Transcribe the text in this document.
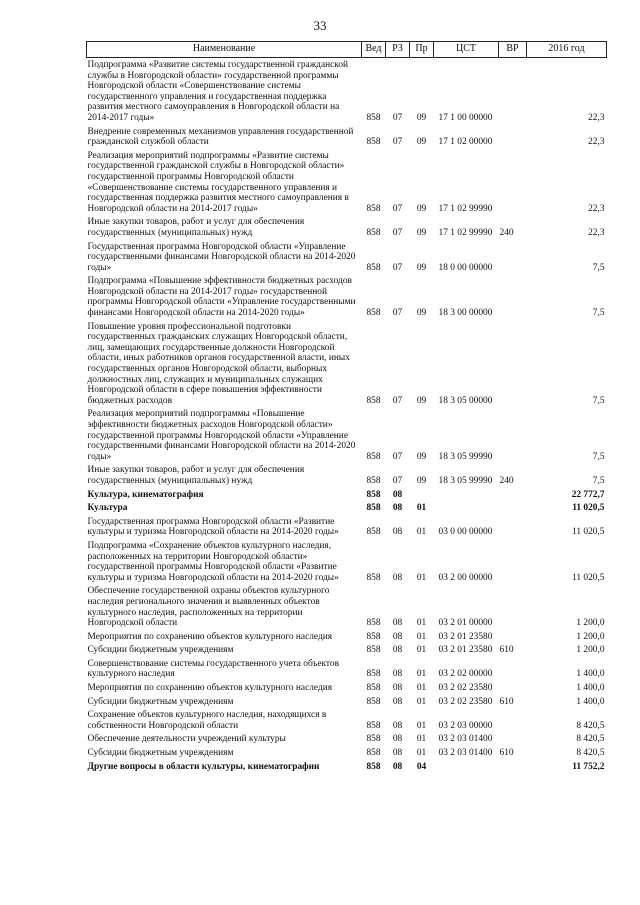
33
Наименование	Вед	РЗ	Пр	ЦСТ	ВР	2016 год
Подпрограмма «Развитие системы государственной гражданской службы в Новгородской области» государственной программы Новгородской области «Совершенствование системы государственного управления и государственная поддержка развития местного самоуправления в Новгородской области на 2014-2017 годы»	858	07	09	17 1 00 00000		22,3
Внедрение современных механизмов управления государственной гражданской службой области	858	07	09	17 1 02 00000		22,3
Реализация мероприятий подпрограммы «Развитие системы государственной гражданской службы в Новгородской области» государственной программы Новгородской области «Совершенствование системы государственного управления и государственная поддержка развития местного самоуправления в Новгородской области на 2014-2017 годы»	858	07	09	17 1 02 99990		22,3
Иные закупки товаров, работ и услуг для обеспечения государственных (муниципальных) нужд	858	07	09	17 1 02 99990	240	22,3
Государственная программа Новгородской области «Управление государственными финансами Новгородской области на 2014-2020 годы»	858	07	09	18 0 00 00000		7,5
Подпрограмма «Повышение эффективности бюджетных расходов Новгородской области на 2014-2017 годы» государственной программы Новгородской области «Управление государственными финансами Новгородской области на 2014-2020 годы»	858	07	09	18 3 00 00000		7,5
Повышение уровня профессиональной подготовки государственных гражданских служащих Новгородской области, лиц, замещающих государственные должности Новгородской области, иных работников органов государственной власти, иных государственных органов Новгородской области, выборных должностных лиц, служащих и муниципальных служащих Новгородской области в сфере повышения эффективности бюджетных расходов	858	07	09	18 3 05 00000		7,5
Реализация мероприятий подпрограммы «Повышение эффективности бюджетных расходов Новгородской области» государственной программы Новгородской области «Управление государственными финансами Новгородской области на 2014-2020 годы»	858	07	09	18 3 05 99990		7,5
Иные закупки товаров, работ и услуг для обеспечения государственных (муниципальных) нужд	858	07	09	18 3 05 99990	240	7,5
Культура, кинематография	858	08				22 772,7
Культура	858	08	01			11 020,5
Государственная программа Новгородской области «Развитие культуры и туризма Новгородской области на 2014-2020 годы»	858	08	01	03 0 00 00000		11 020,5
Подпрограмма «Сохранение объектов культурного наследия, расположенных на территории Новгородской области» государственной программы Новгородской области «Развитие культуры и туризма Новгородской области на 2014-2020 годы»	858	08	01	03 2 00 00000		11 020,5
Обеспечение государственной охраны объектов культурного наследия регионального значения и выявленных объектов культурного наследия, расположенных на территории Новгородской области	858	08	01	03 2 01 00000		1 200,0
Мероприятия по сохранению объектов культурного наследия	858	08	01	03 2 01 23580		1 200,0
Субсидии бюджетным учреждениям	858	08	01	03 2 01 23580	610	1 200,0
Совершенствование системы государственного учета объектов культурного наследия	858	08	01	03 2 02 00000		1 400,0
Мероприятия по сохранению объектов культурного наследия	858	08	01	03 2 02 23580		1 400,0
Субсидии бюджетным учреждениям	858	08	01	03 2 02 23580	610	1 400,0
Сохранение объектов культурного наследия, находящихся в собственности Новгородской области	858	08	01	03 2 03 00000		8 420,5
Обеспечение деятельности учреждений культуры	858	08	01	03 2 03 01400		8 420,5
Субсидии бюджетным учреждениям	858	08	01	03 2 03 01400	610	8 420,5
Другие вопросы в области культуры, кинематографии	858	08	04			11 752,2
